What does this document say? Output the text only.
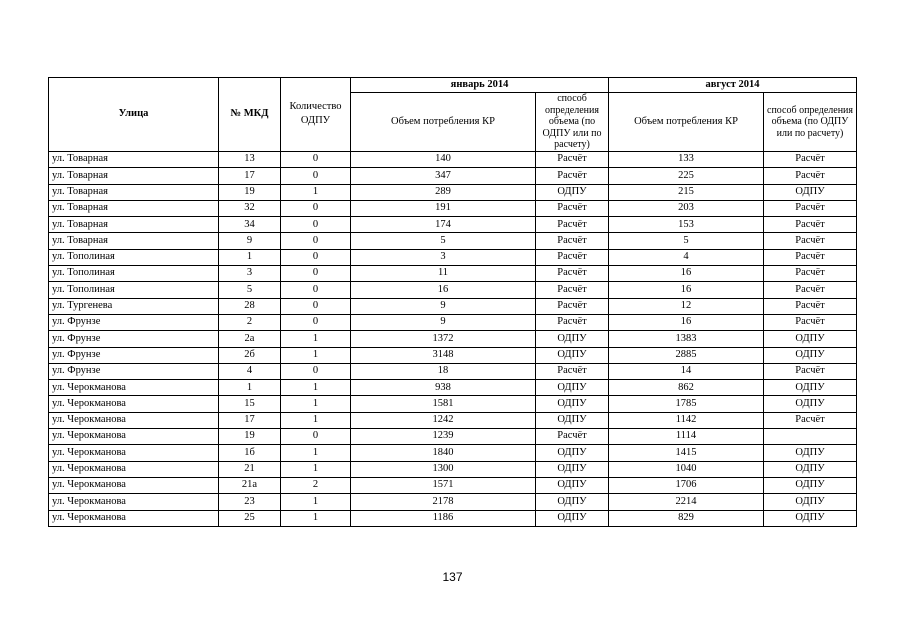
Улица	№ МКД	Количество ОДПУ	январь 2014		август 2014	
			Объем потребления КР	способ определения объема (по ОДПУ или по расчету)	Объем потребления КР	способ определения объема (по ОДПУ или по расчету)
ул. Товарная	13	0	140	Расчёт	133	Расчёт
ул. Товарная	17	0	347	Расчёт	225	Расчёт
ул. Товарная	19	1	289	ОДПУ	215	ОДПУ
ул. Товарная	32	0	191	Расчёт	203	Расчёт
ул. Товарная	34	0	174	Расчёт	153	Расчёт
ул. Товарная	9	0	5	Расчёт	5	Расчёт
ул. Тополиная	1	0	3	Расчёт	4	Расчёт
ул. Тополиная	3	0	11	Расчёт	16	Расчёт
ул. Тополиная	5	0	16	Расчёт	16	Расчёт
ул. Тургенева	28	0	9	Расчёт	12	Расчёт
ул. Фрунзе	2	0	9	Расчёт	16	Расчёт
ул. Фрунзе	2а	1	1372	ОДПУ	1383	ОДПУ
ул. Фрунзе	2б	1	3148	ОДПУ	2885	ОДПУ
ул. Фрунзе	4	0	18	Расчёт	14	Расчёт
ул. Черокманова	1	1	938	ОДПУ	862	ОДПУ
ул. Черокманова	15	1	1581	ОДПУ	1785	ОДПУ
ул. Черокманова	17	1	1242	ОДПУ	1142	Расчёт
ул. Черокманова	19	0	1239	Расчёт	1114	
ул. Черокманова	1б	1	1840	ОДПУ	1415	ОДПУ
ул. Черокманова	21	1	1300	ОДПУ	1040	ОДПУ
ул. Черокманова	21а	2	1571	ОДПУ	1706	ОДПУ
ул. Черокманова	23	1	2178	ОДПУ	2214	ОДПУ
ул. Черокманова	25	1	1186	ОДПУ	829	ОДПУ
137
